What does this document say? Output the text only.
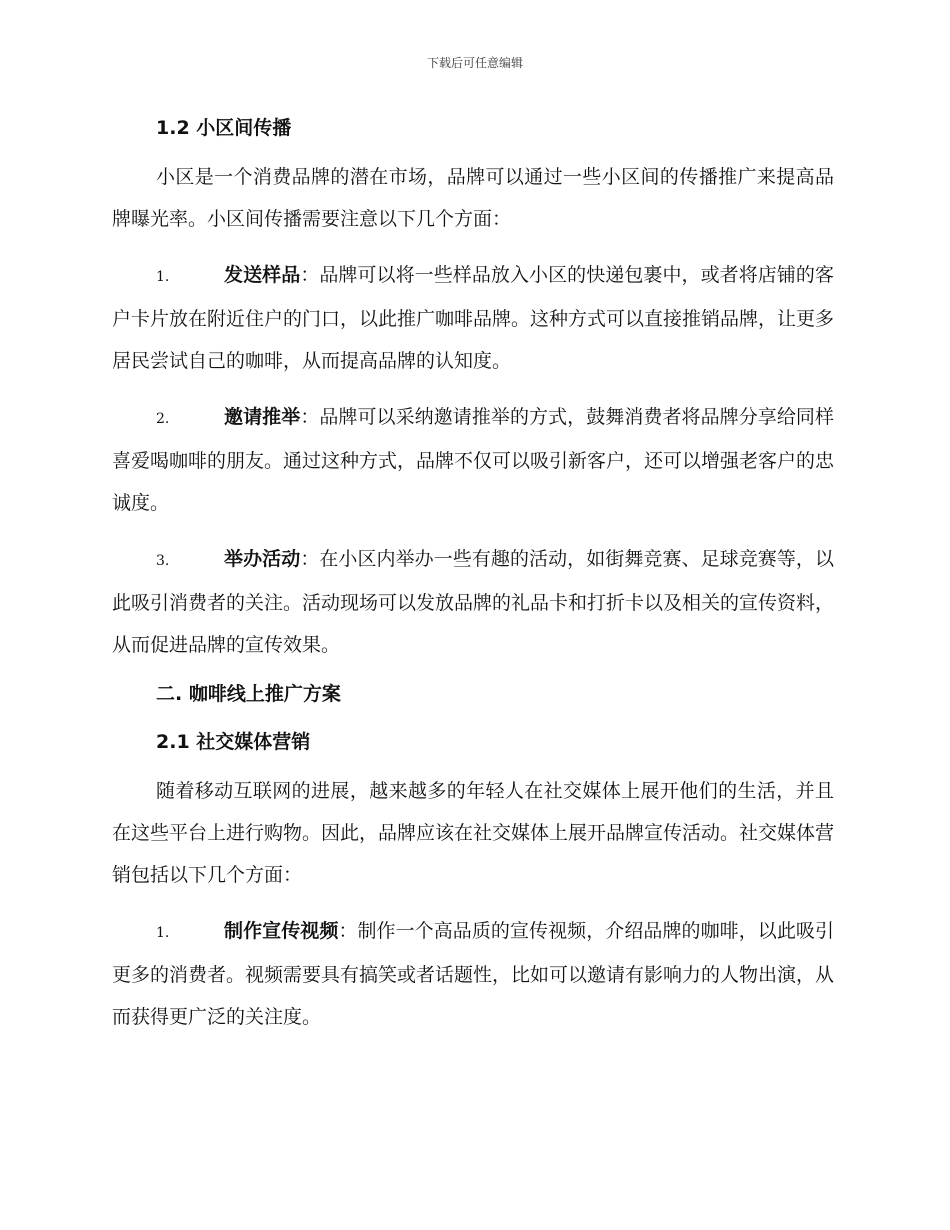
下载后可任意编辑
1.2 小区间传播

小区是一个消费品牌的潜在市场，品牌可以通过一些小区间的传播推广来提高品牌曝光率。小区间传播需要注意以下几个方面：

1.	发送样品：品牌可以将一些样品放入小区的快递包裹中，或者将店铺的客户卡片放在附近住户的门口，以此推广咖啡品牌。这种方式可以直接推销品牌，让更多居民尝试自己的咖啡，从而提高品牌的认知度。

2.	邀请推举：品牌可以采纳邀请推举的方式，鼓舞消费者将品牌分享给同样喜爱喝咖啡的朋友。通过这种方式，品牌不仅可以吸引新客户，还可以增强老客户的忠诚度。

3.	举办活动：在小区内举办一些有趣的活动，如街舞竞赛、足球竞赛等，以此吸引消费者的关注。活动现场可以发放品牌的礼品卡和打折卡以及相关的宣传资料，从而促进品牌的宣传效果。

二. 咖啡线上推广方案
2.1 社交媒体营销

随着移动互联网的进展，越来越多的年轻人在社交媒体上展开他们的生活，并且在这些平台上进行购物。因此，品牌应该在社交媒体上展开品牌宣传活动。社交媒体营销包括以下几个方面：

1.	制作宣传视频：制作一个高品质的宣传视频，介绍品牌的咖啡，以此吸引更多的消费者。视频需要具有搞笑或者话题性，比如可以邀请有影响力的人物出演，从而获得更广泛的关注度。
